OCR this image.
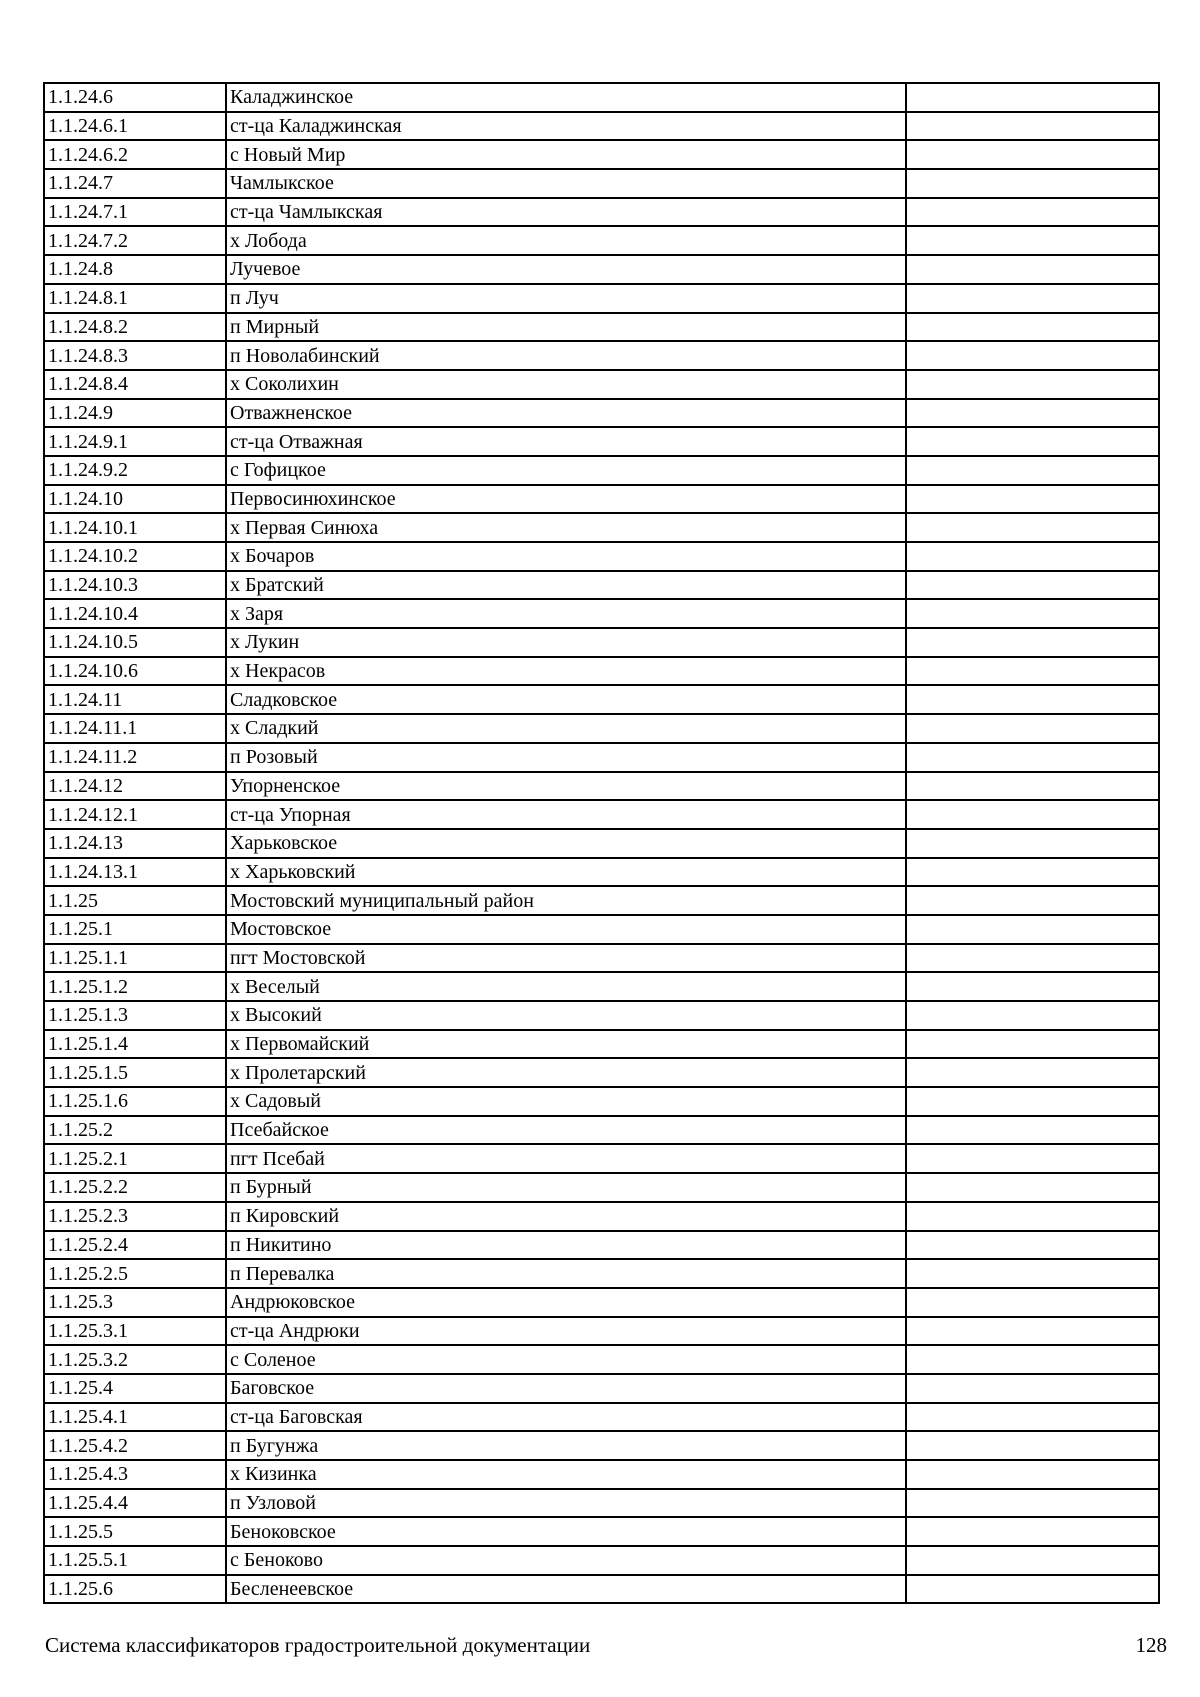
1.1.24.6	Каладжинское	
1.1.24.6.1	ст-ца Каладжинская	
1.1.24.6.2	с Новый Мир	
1.1.24.7	Чамлыкское	
1.1.24.7.1	ст-ца Чамлыкская	
1.1.24.7.2	х Лобода	
1.1.24.8	Лучевое	
1.1.24.8.1	п Луч	
1.1.24.8.2	п Мирный	
1.1.24.8.3	п Новолабинский	
1.1.24.8.4	х Соколихин	
1.1.24.9	Отважненское	
1.1.24.9.1	ст-ца Отважная	
1.1.24.9.2	с Гофицкое	
1.1.24.10	Первосинюхинское	
1.1.24.10.1	х Первая Синюха	
1.1.24.10.2	х Бочаров	
1.1.24.10.3	х Братский	
1.1.24.10.4	х Заря	
1.1.24.10.5	х Лукин	
1.1.24.10.6	х Некрасов	
1.1.24.11	Сладковское	
1.1.24.11.1	х Сладкий	
1.1.24.11.2	п Розовый	
1.1.24.12	Упорненское	
1.1.24.12.1	ст-ца Упорная	
1.1.24.13	Харьковское	
1.1.24.13.1	х Харьковский	
1.1.25	Мостовский муниципальный район	
1.1.25.1	Мостовское	
1.1.25.1.1	пгт Мостовской	
1.1.25.1.2	х Веселый	
1.1.25.1.3	х Высокий	
1.1.25.1.4	х Первомайский	
1.1.25.1.5	х Пролетарский	
1.1.25.1.6	х Садовый	
1.1.25.2	Псебайское	
1.1.25.2.1	пгт Псебай	
1.1.25.2.2	п Бурный	
1.1.25.2.3	п Кировский	
1.1.25.2.4	п Никитино	
1.1.25.2.5	п Перевалка	
1.1.25.3	Андрюковское	
1.1.25.3.1	ст-ца Андрюки	
1.1.25.3.2	с Соленое	
1.1.25.4	Баговское	
1.1.25.4.1	ст-ца Баговская	
1.1.25.4.2	п Бугунжа	
1.1.25.4.3	х Кизинка	
1.1.25.4.4	п Узловой	
1.1.25.5	Беноковское	
1.1.25.5.1	с Беноково	
1.1.25.6	Бесленеевское	
Система классификаторов градостроительной документации	128
